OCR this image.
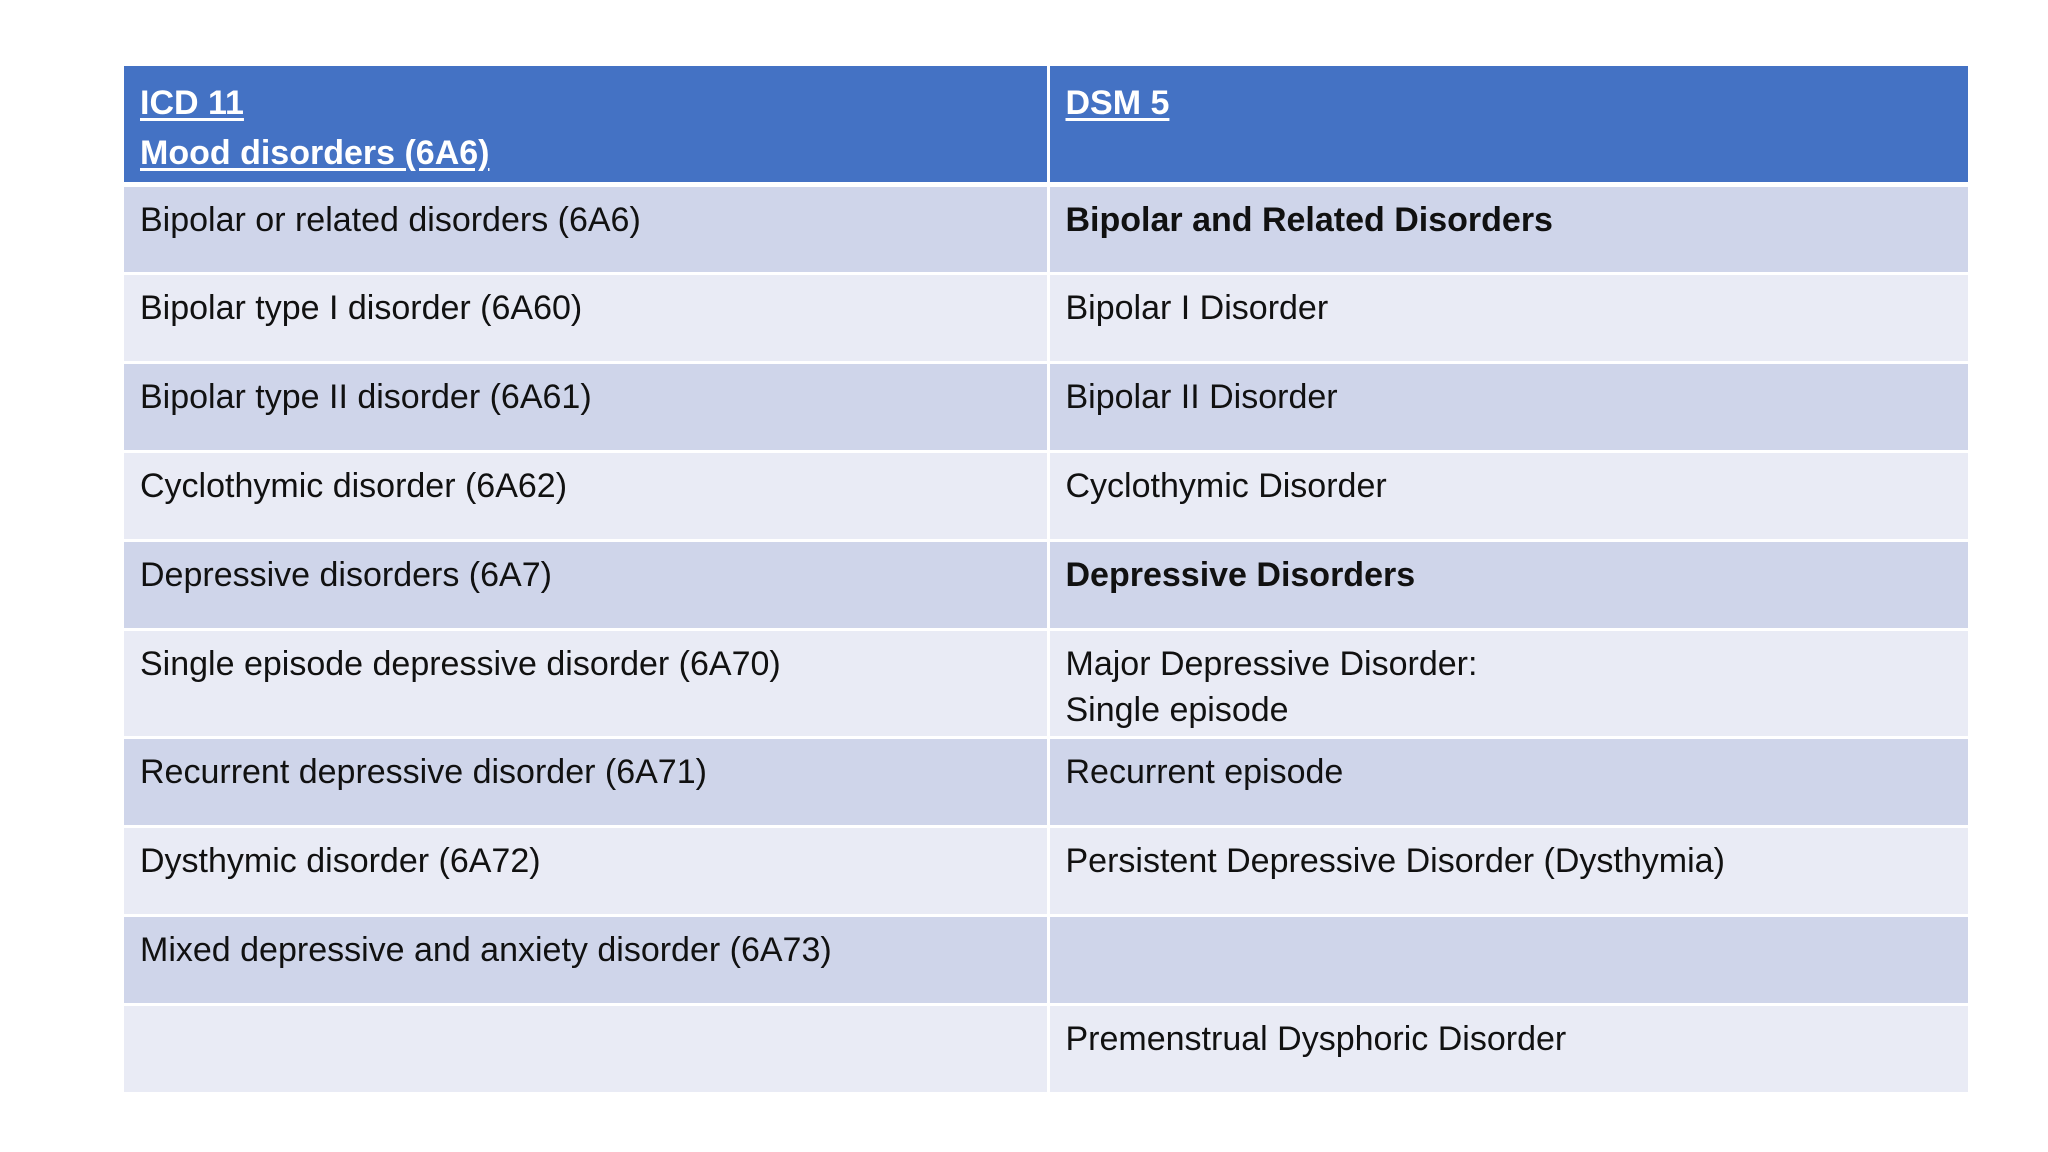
ICD 11
Mood disorders (6A6)	DSM 5

Bipolar or related disorders (6A6)	Bipolar and Related Disorders
Bipolar type I disorder (6A60)	Bipolar I Disorder
Bipolar type II disorder (6A61)	Bipolar II Disorder
Cyclothymic disorder (6A62)	Cyclothymic Disorder
Depressive disorders (6A7)	Depressive Disorders
Single episode depressive disorder (6A70)	Major Depressive Disorder:
Single episode

Recurrent depressive disorder (6A71)	Recurrent episode
Dysthymic disorder (6A72)	Persistent Depressive Disorder (Dysthymia)
Mixed depressive and anxiety disorder (6A73)	
	Premenstrual Dysphoric Disorder
